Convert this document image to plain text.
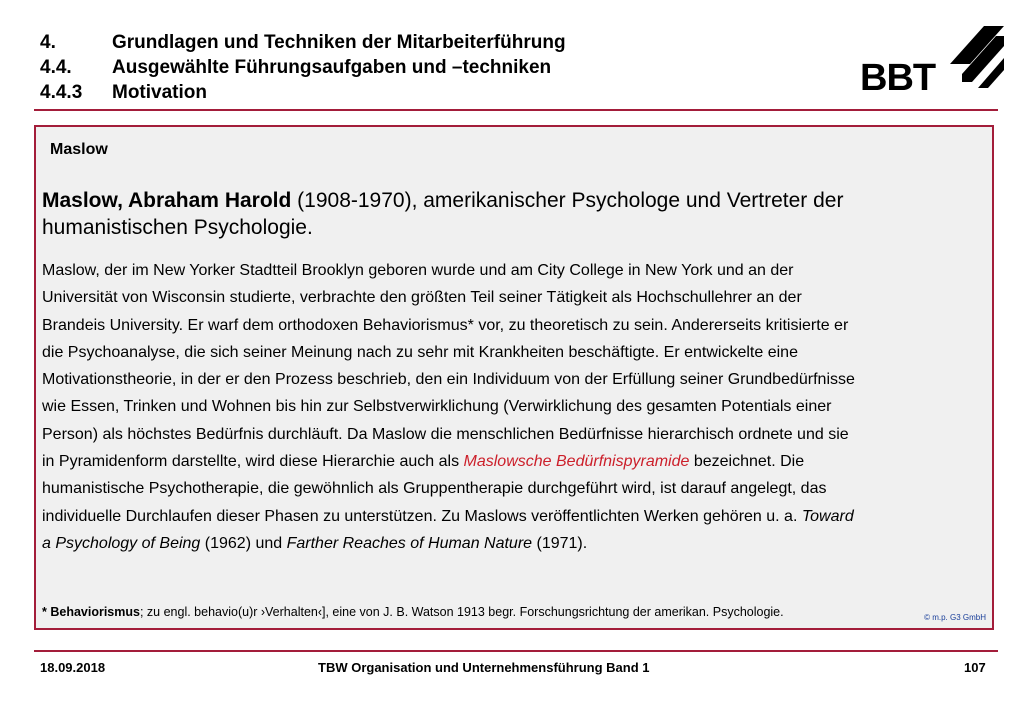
4.	Grundlagen und Techniken der Mitarbeiterführung
4.4.	Ausgewählte Führungsaufgaben und –techniken
4.4.3	Motivation	BBT
Maslow
Maslow, Abraham Harold (1908-1970), amerikanischer Psychologe und Vertreter der
humanistischen Psychologie.
Maslow, der im New Yorker Stadtteil Brooklyn geboren wurde und am City College in New York und an der
Universität von Wisconsin studierte, verbrachte den größten Teil seiner Tätigkeit als Hochschullehrer an der
Brandeis University. Er warf dem orthodoxen Behaviorismus* vor, zu theoretisch zu sein. Andererseits kritisierte er
die Psychoanalyse, die sich seiner Meinung nach zu sehr mit Krankheiten beschäftigte. Er entwickelte eine
Motivationstheorie, in der er den Prozess beschrieb, den ein Individuum von der Erfüllung seiner Grundbedürfnisse
wie Essen, Trinken und Wohnen bis hin zur Selbstverwirklichung (Verwirklichung des gesamten Potentials einer
Person) als höchstes Bedürfnis durchläuft. Da Maslow die menschlichen Bedürfnisse hierarchisch ordnete und sie
in Pyramidenform darstellte, wird diese Hierarchie auch als Maslowsche Bedürfnispyramide bezeichnet. Die
humanistische Psychotherapie, die gewöhnlich als Gruppentherapie durchgeführt wird, ist darauf angelegt, das
individuelle Durchlaufen dieser Phasen zu unterstützen. Zu Maslows veröffentlichten Werken gehören u. a. Toward
a Psychology of Being (1962) und Farther Reaches of Human Nature (1971).
* Behaviorismus; zu engl. behavio(u)r ›Verhalten‹], eine von J. B. Watson 1913 begr. Forschungsrichtung der amerikan. Psychologie.	© m.p. G3 GmbH
18.09.2018	TBW Organisation und Unternehmensführung Band 1	107
